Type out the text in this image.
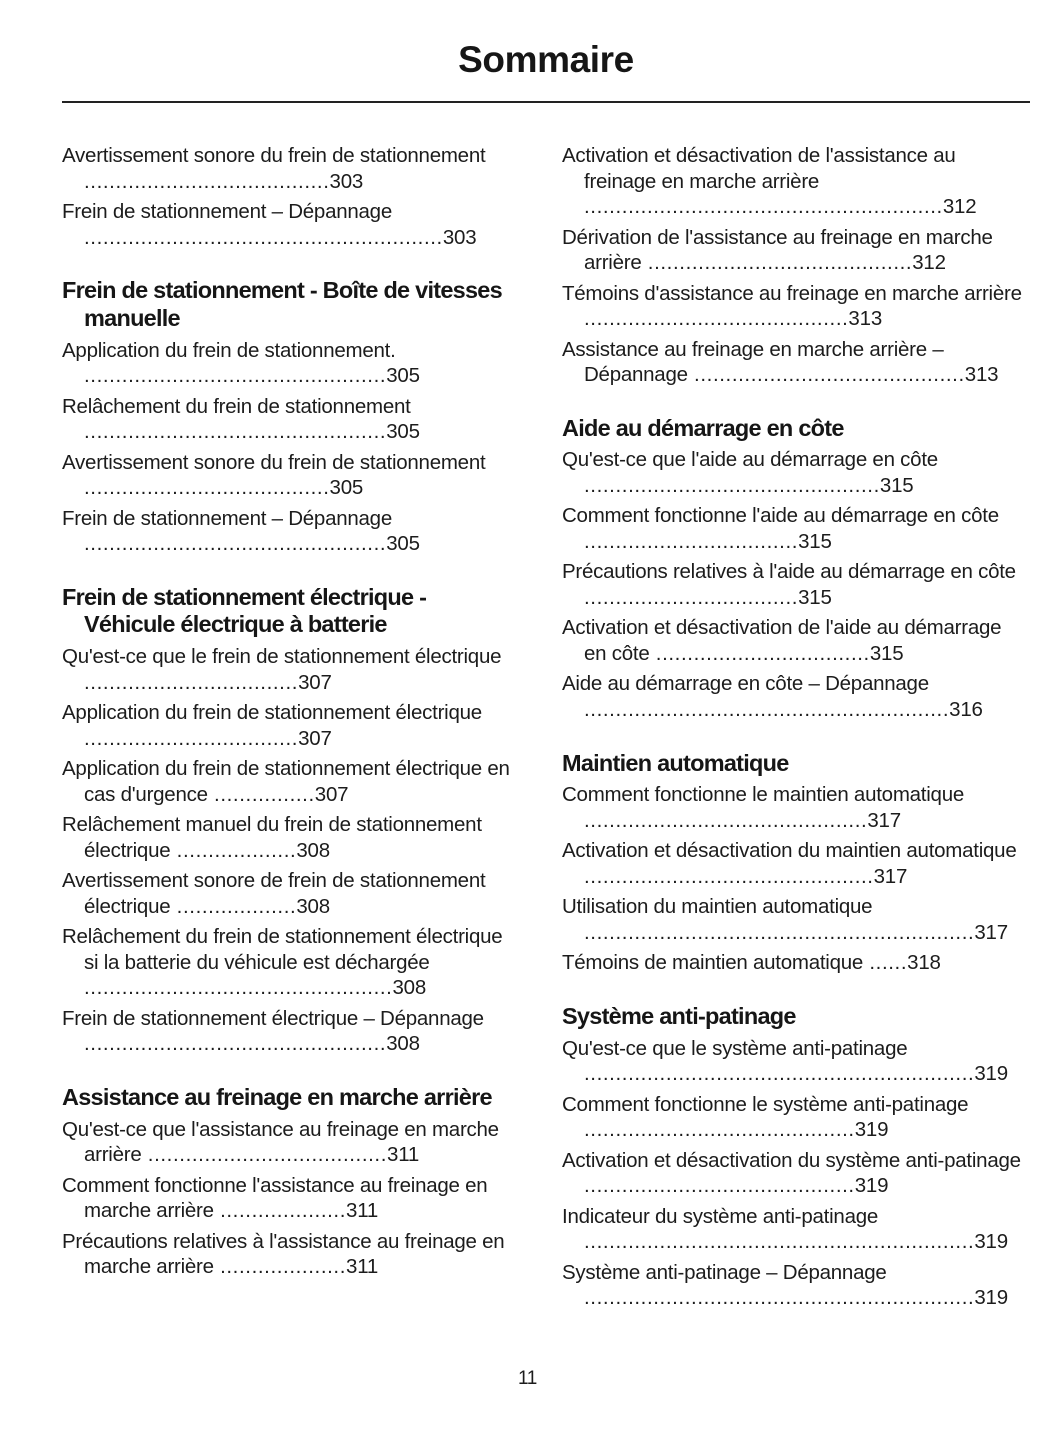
Sommaire
Avertissement sonore du frein de stationnement .......................................303
Frein de stationnement – Dépannage .........................................................303
Frein de stationnement - Boîte de vitesses manuelle
Application du frein de stationnement. ................................................305
Relâchement du frein de stationnement ................................................305
Avertissement sonore du frein de stationnement .......................................305
Frein de stationnement – Dépannage ................................................305
Frein de stationnement électrique - Véhicule électrique à batterie
Qu'est-ce que le frein de stationnement électrique ..................................307
Application du frein de stationnement électrique ..................................307
Application du frein de stationnement électrique en cas d'urgence ................307
Relâchement manuel du frein de stationnement électrique ...................308
Avertissement sonore de frein de stationnement électrique ...................308
Relâchement du frein de stationnement électrique si la batterie du véhicule est déchargée .................................................308
Frein de stationnement électrique – Dépannage ................................................308
Assistance au freinage en marche arrière
Qu'est-ce que l'assistance au freinage en marche arrière ......................................311
Comment fonctionne l'assistance au freinage en marche arrière ....................311
Précautions relatives à l'assistance au freinage en marche arrière ....................311
Activation et désactivation de l'assistance au freinage en marche arrière .........................................................312
Dérivation de l'assistance au freinage en marche arrière ..........................................312
Témoins d'assistance au freinage en marche arrière ..........................................313
Assistance au freinage en marche arrière – Dépannage ...........................................313
Aide au démarrage en côte
Qu'est-ce que l'aide au démarrage en côte ...............................................315
Comment fonctionne l'aide au démarrage en côte ..................................315
Précautions relatives à l'aide au démarrage en côte ..................................315
Activation et désactivation de l'aide au démarrage en côte ..................................315
Aide au démarrage en côte – Dépannage ..........................................................316
Maintien automatique
Comment fonctionne le maintien automatique .............................................317
Activation et désactivation du maintien automatique ..............................................317
Utilisation du maintien automatique ..............................................................317
Témoins de maintien automatique ......318
Système anti-patinage
Qu'est-ce que le système anti-patinage ..............................................................319
Comment fonctionne le système anti-patinage ...........................................319
Activation et désactivation du système anti-patinage ...........................................319
Indicateur du système anti-patinage ..............................................................319
Système anti-patinage – Dépannage ..............................................................319
11
